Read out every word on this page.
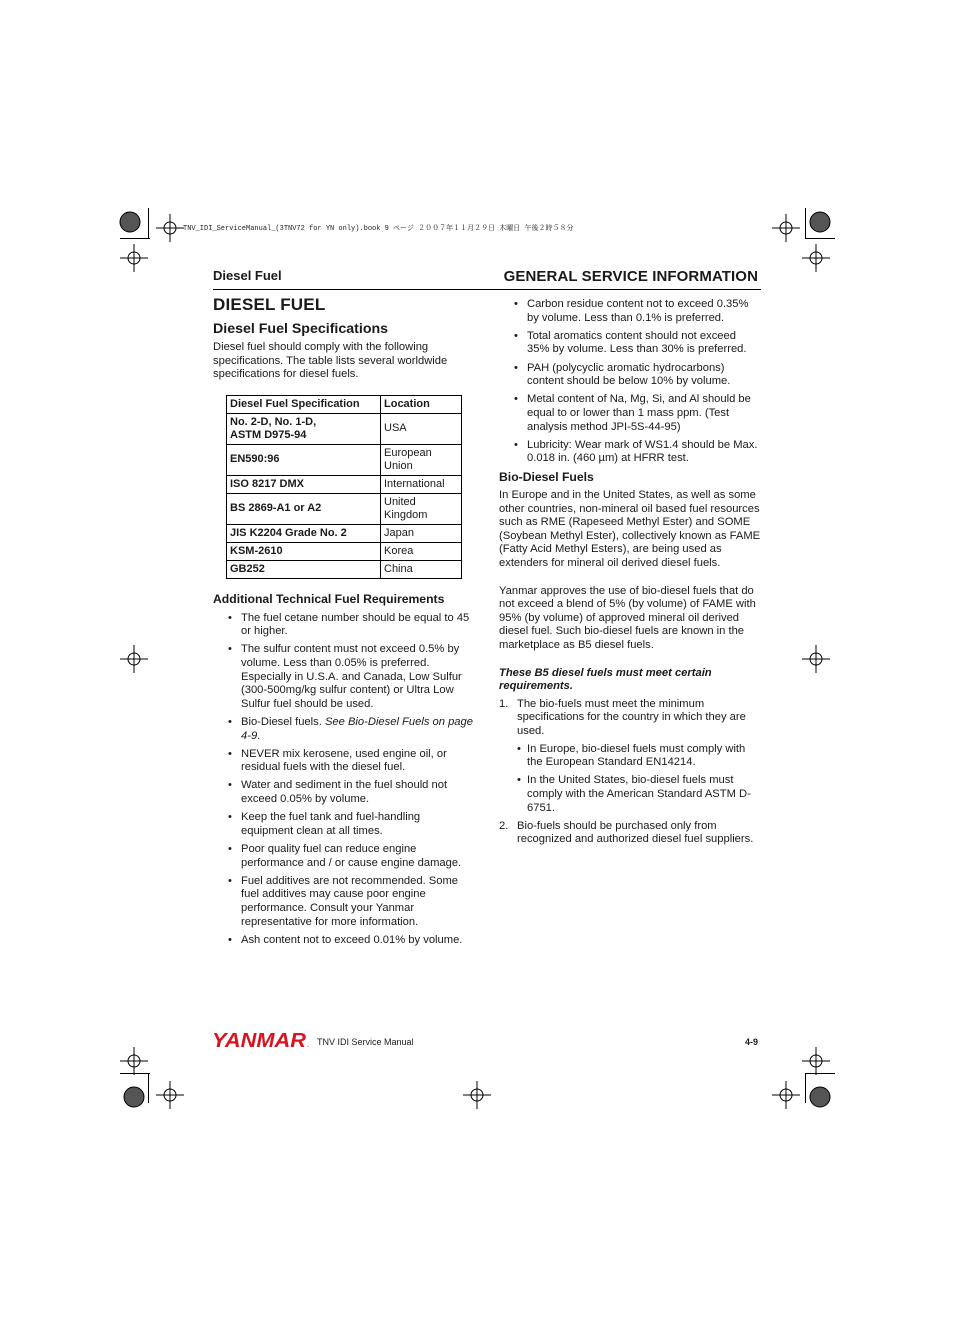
TNV_IDI_ServiceManual_(3TNV72 for YN only).book 9 ページ ２００７年１１月２９日 木曜日 午後２時５８分
Diesel Fuel	GENERAL SERVICE INFORMATION
DIESEL FUEL
Diesel Fuel Specifications

Diesel fuel should comply with the following specifications. The table lists several worldwide specifications for diesel fuels.

Diesel Fuel Specification	Location
No. 2-D, No. 1-D,
ASTM D975-94	USA
EN590:96	European
Union
ISO 8217 DMX	International
BS 2869-A1 or A2	United
Kingdom
JIS K2204 Grade No. 2	Japan
KSM-2610	Korea
GB252	China
Additional Technical Fuel Requirements
• The fuel cetane number should be equal to 45 or higher.
• The sulfur content must not exceed 0.5% by volume. Less than 0.05% is preferred. Especially in U.S.A. and Canada, Low Sulfur (300-500mg/kg sulfur content) or Ultra Low Sulfur fuel should be used.
• Bio-Diesel fuels. See Bio-Diesel Fuels on page 4-9.
• NEVER mix kerosene, used engine oil, or residual fuels with the diesel fuel.
• Water and sediment in the fuel should not exceed 0.05% by volume.
• Keep the fuel tank and fuel-handling equipment clean at all times.
• Poor quality fuel can reduce engine performance and / or cause engine damage.
• Fuel additives are not recommended. Some fuel additives may cause poor engine performance. Consult your Yanmar representative for more information.
• Ash content not to exceed 0.01% by volume.
• Carbon residue content not to exceed 0.35% by volume. Less than 0.1% is preferred.
• Total aromatics content should not exceed 35% by volume. Less than 30% is preferred.
• PAH (polycyclic aromatic hydrocarbons) content should be below 10% by volume.
• Metal content of Na, Mg, Si, and Al should be equal to or lower than 1 mass ppm. (Test analysis method JPI-5S-44-95)
• Lubricity: Wear mark of WS1.4 should be Max. 0.018 in. (460 µm) at HFRR test.
Bio-Diesel Fuels

In Europe and in the United States, as well as some other countries, non-mineral oil based fuel resources such as RME (Rapeseed Methyl Ester) and SOME (Soybean Methyl Ester), collectively known as FAME (Fatty Acid Methyl Esters), are being used as extenders for mineral oil derived diesel fuels.

Yanmar approves the use of bio-diesel fuels that do not exceed a blend of 5% (by volume) of FAME with 95% (by volume) of approved mineral oil derived diesel fuel. Such bio-diesel fuels are known in the marketplace as B5 diesel fuels.

These B5 diesel fuels must meet certain requirements.

1. The bio-fuels must meet the minimum specifications for the country in which they are used.
• In Europe, bio-diesel fuels must comply with the European Standard EN14214.
• In the United States, bio-diesel fuels must comply with the American Standard ASTM D-6751.
2. Bio-fuels should be purchased only from recognized and authorized diesel fuel suppliers.
YANMAR . TNV IDI Service Manual	4-9
